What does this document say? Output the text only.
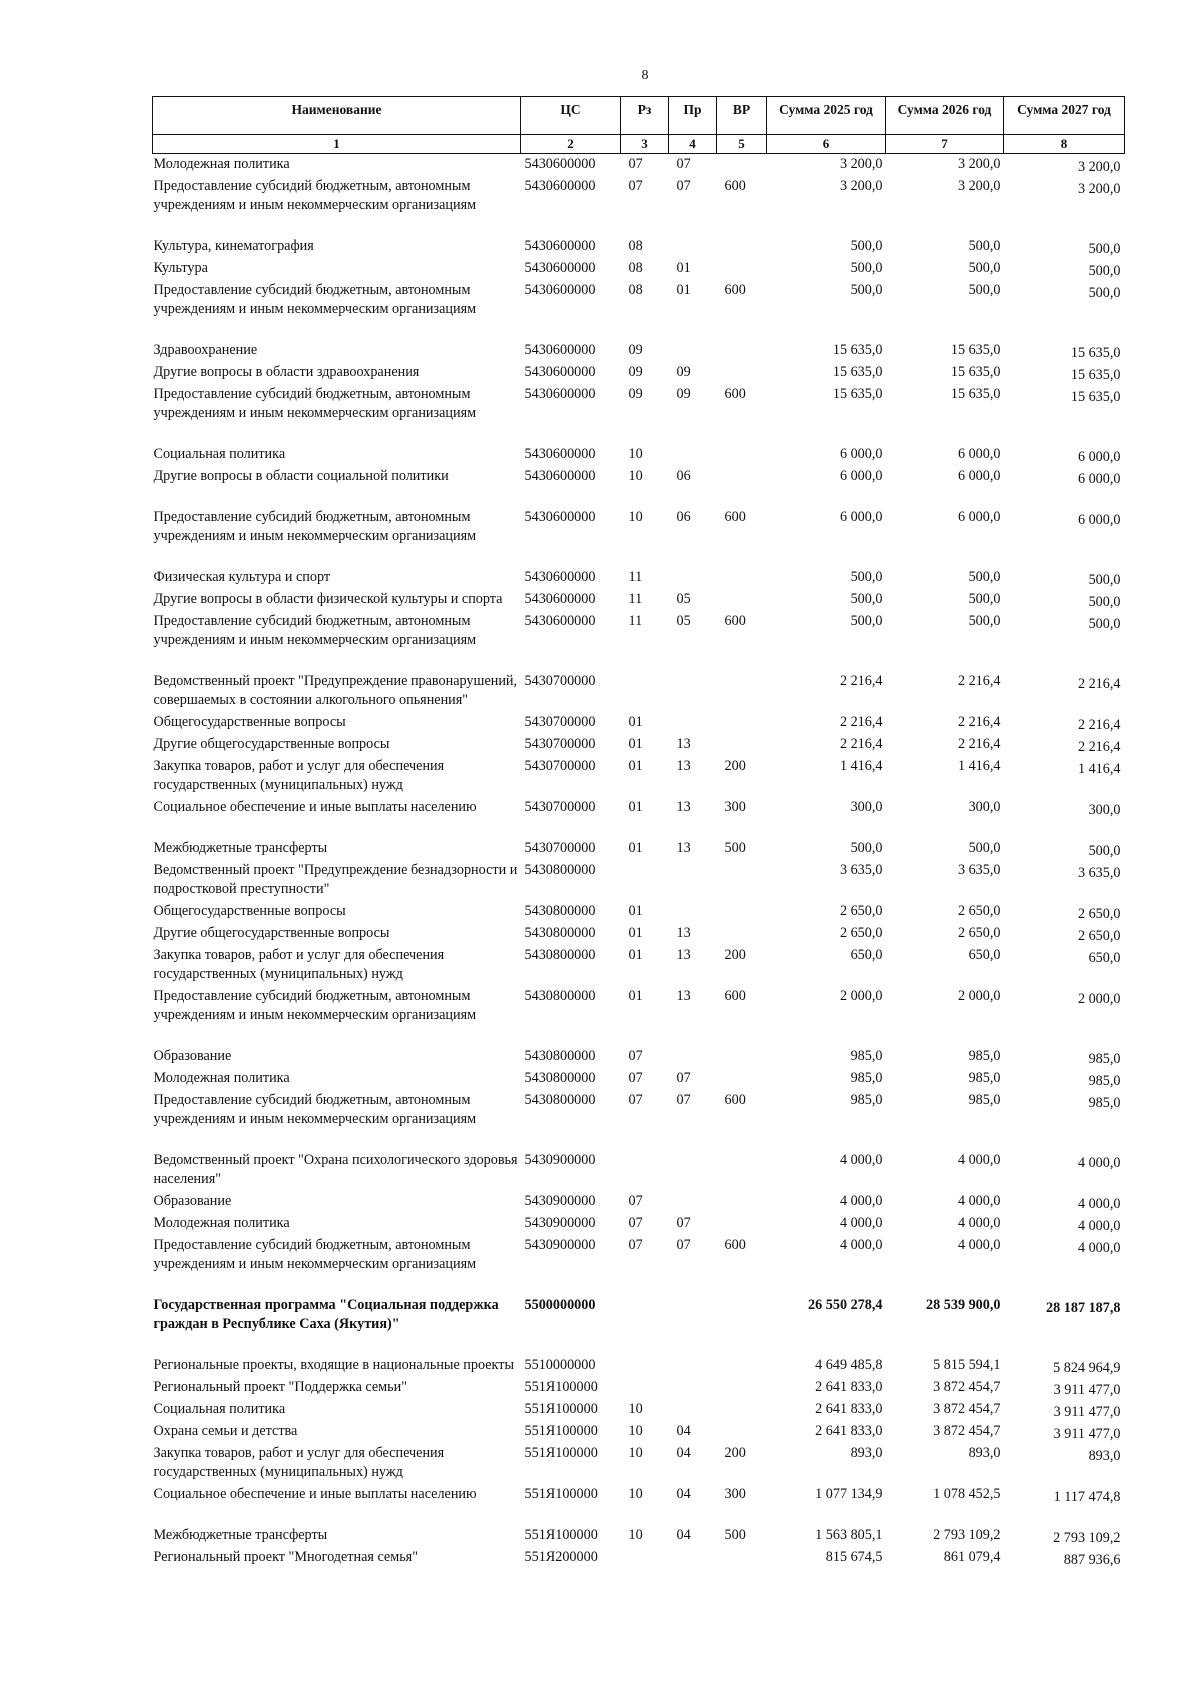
8
Наименование	ЦС	Рз	Пр	ВР	Сумма 2025 год	Сумма 2026 год	Сумма 2027 год
1	2	3	4	5	6	7	8
Молодежная политика	5430600000	07	07		3 200,0	3 200,0	3 200,0
Предоставление субсидий бюджетным, автономным учреждениям и иным некоммерческим организациям	5430600000	07	07	600	3 200,0	3 200,0	3 200,0

Культура, кинематография	5430600000	08			500,0	500,0	500,0
Культура	5430600000	08	01		500,0	500,0	500,0
Предоставление субсидий бюджетным, автономным учреждениям и иным некоммерческим организациям	5430600000	08	01	600	500,0	500,0	500,0

Здравоохранение	5430600000	09			15 635,0	15 635,0	15 635,0
Другие вопросы в области здравоохранения	5430600000	09	09		15 635,0	15 635,0	15 635,0
Предоставление субсидий бюджетным, автономным учреждениям и иным некоммерческим организациям	5430600000	09	09	600	15 635,0	15 635,0	15 635,0

Социальная политика	5430600000	10			6 000,0	6 000,0	6 000,0
Другие вопросы в области социальной политики	5430600000	10	06		6 000,0	6 000,0	6 000,0

Предоставление субсидий бюджетным, автономным учреждениям и иным некоммерческим организациям	5430600000	10	06	600	6 000,0	6 000,0	6 000,0

Физическая культура и спорт	5430600000	11			500,0	500,0	500,0
Другие вопросы в области физической культуры и спорта	5430600000	11	05		500,0	500,0	500,0
Предоставление субсидий бюджетным, автономным учреждениям и иным некоммерческим организациям	5430600000	11	05	600	500,0	500,0	500,0

Ведомственный проект "Предупреждение правонарушений, совершаемых в состоянии алкогольного опьянения"	5430700000				2 216,4	2 216,4	2 216,4
Общегосударственные вопросы	5430700000	01			2 216,4	2 216,4	2 216,4
Другие общегосударственные вопросы	5430700000	01	13		2 216,4	2 216,4	2 216,4
Закупка товаров, работ и услуг для обеспечения государственных (муниципальных) нужд	5430700000	01	13	200	1 416,4	1 416,4	1 416,4
Социальное обеспечение и иные выплаты населению	5430700000	01	13	300	300,0	300,0	300,0

Межбюджетные трансферты	5430700000	01	13	500	500,0	500,0	500,0
Ведомственный проект "Предупреждение безнадзорности и подростковой преступности"	5430800000				3 635,0	3 635,0	3 635,0
Общегосударственные вопросы	5430800000	01			2 650,0	2 650,0	2 650,0
Другие общегосударственные вопросы	5430800000	01	13		2 650,0	2 650,0	2 650,0
Закупка товаров, работ и услуг для обеспечения государственных (муниципальных) нужд	5430800000	01	13	200	650,0	650,0	650,0
Предоставление субсидий бюджетным, автономным учреждениям и иным некоммерческим организациям	5430800000	01	13	600	2 000,0	2 000,0	2 000,0

Образование	5430800000	07			985,0	985,0	985,0
Молодежная политика	5430800000	07	07		985,0	985,0	985,0
Предоставление субсидий бюджетным, автономным учреждениям и иным некоммерческим организациям	5430800000	07	07	600	985,0	985,0	985,0

Ведомственный проект "Охрана психологического здоровья населения"	5430900000				4 000,0	4 000,0	4 000,0
Образование	5430900000	07			4 000,0	4 000,0	4 000,0
Молодежная политика	5430900000	07	07		4 000,0	4 000,0	4 000,0
Предоставление субсидий бюджетным, автономным учреждениям и иным некоммерческим организациям	5430900000	07	07	600	4 000,0	4 000,0	4 000,0

Государственная программа "Социальная поддержка граждан в Республике Саха (Якутия)"	5500000000				26 550 278,4	28 539 900,0	28 187 187,8

Региональные проекты, входящие в национальные проекты	5510000000				4 649 485,8	5 815 594,1	5 824 964,9
Региональный проект "Поддержка семьи"	551Я100000				2 641 833,0	3 872 454,7	3 911 477,0
Социальная политика	551Я100000	10			2 641 833,0	3 872 454,7	3 911 477,0
Охрана семьи и детства	551Я100000	10	04		2 641 833,0	3 872 454,7	3 911 477,0
Закупка товаров, работ и услуг для обеспечения государственных (муниципальных) нужд	551Я100000	10	04	200	893,0	893,0	893,0
Социальное обеспечение и иные выплаты населению	551Я100000	10	04	300	1 077 134,9	1 078 452,5	1 117 474,8

Межбюджетные трансферты	551Я100000	10	04	500	1 563 805,1	2 793 109,2	2 793 109,2
Региональный проект "Многодетная семья"	551Я200000				815 674,5	861 079,4	887 936,6
